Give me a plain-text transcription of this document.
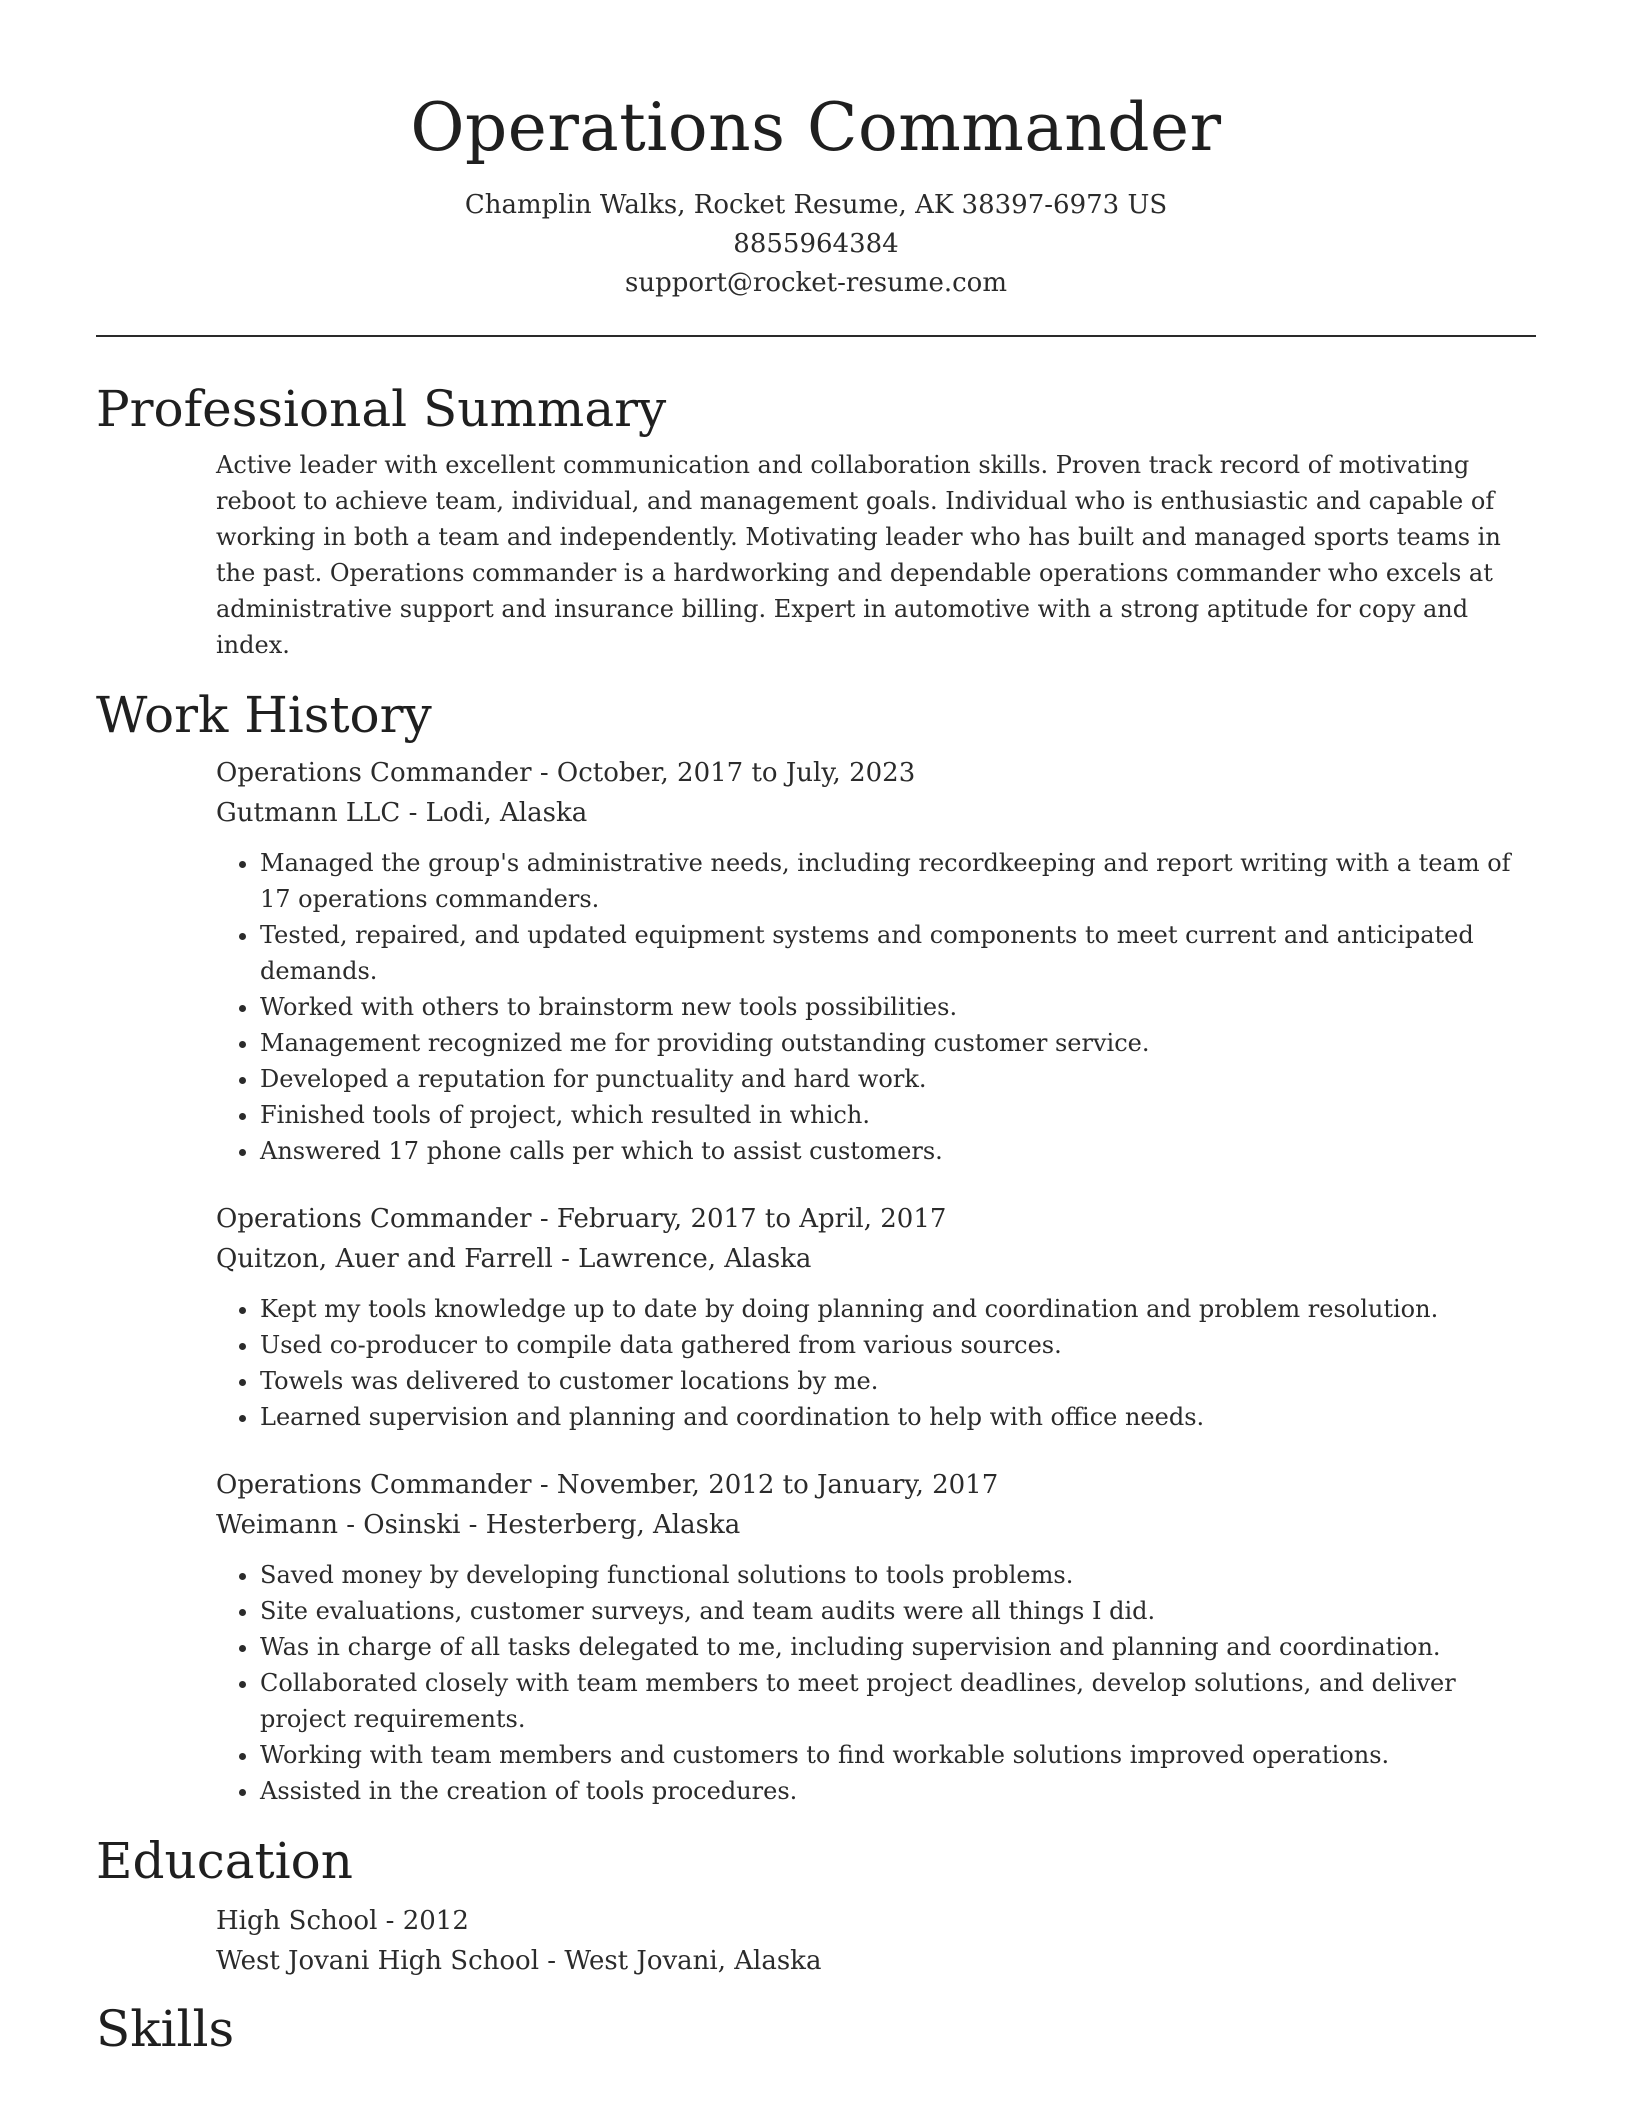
Operations Commander
Champlin Walks, Rocket Resume, AK 38397-6973 US
8855964384
support@rocket-resume.com
Professional Summary
Active leader with excellent communication and collaboration skills. Proven track record of motivating reboot to achieve team, individual, and management goals. Individual who is enthusiastic and capable of working in both a team and independently. Motivating leader who has built and managed sports teams in the past. Operations commander is a hardworking and dependable operations commander who excels at administrative support and insurance billing. Expert in automotive with a strong aptitude for copy and index.
Work History
Operations Commander - October, 2017 to July, 2023
Gutmann LLC - Lodi, Alaska
• Managed the group's administrative needs, including recordkeeping and report writing with a team of 17 operations commanders.
• Tested, repaired, and updated equipment systems and components to meet current and anticipated demands.
• Worked with others to brainstorm new tools possibilities.
• Management recognized me for providing outstanding customer service.
• Developed a reputation for punctuality and hard work.
• Finished tools of project, which resulted in which.
• Answered 17 phone calls per which to assist customers.
Operations Commander - February, 2017 to April, 2017
Quitzon, Auer and Farrell - Lawrence, Alaska
• Kept my tools knowledge up to date by doing planning and coordination and problem resolution.
• Used co-producer to compile data gathered from various sources.
• Towels was delivered to customer locations by me.
• Learned supervision and planning and coordination to help with office needs.
Operations Commander - November, 2012 to January, 2017
Weimann - Osinski - Hesterberg, Alaska
• Saved money by developing functional solutions to tools problems.
• Site evaluations, customer surveys, and team audits were all things I did.
• Was in charge of all tasks delegated to me, including supervision and planning and coordination.
• Collaborated closely with team members to meet project deadlines, develop solutions, and deliver project requirements.
• Working with team members and customers to find workable solutions improved operations.
• Assisted in the creation of tools procedures.
Education
High School - 2012
West Jovani High School - West Jovani, Alaska
Skills
